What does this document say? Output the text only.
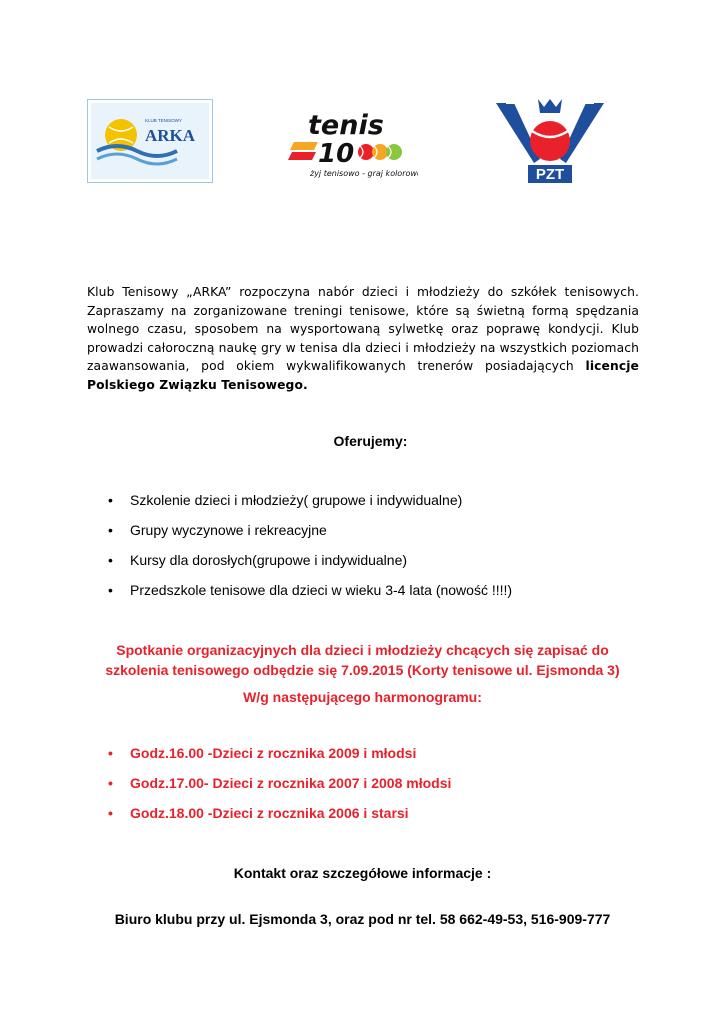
KLUB TENISOWY
ARKA	tenis
10
żyj tenisowo - graj kolorowo	PZT
Klub Tenisowy „ARKA” rozpoczyna nabór dzieci i młodzieży do szkółek tenisowych. Zapraszamy na zorganizowane treningi tenisowe, które są świetną formą spędzania wolnego czasu, sposobem na wysportowaną sylwetkę oraz poprawę kondycji. Klub prowadzi całoroczną naukę gry w tenisa dla dzieci i młodzieży na wszystkich poziomach zaawansowania, pod okiem wykwalifikowanych trenerów posiadających licencje Polskiego Związku Tenisowego.
Oferujemy:
• Szkolenie dzieci i młodzieży( grupowe i indywidualne)
• Grupy wyczynowe i rekreacyjne
• Kursy dla dorosłych(grupowe i indywidualne)
• Przedszkole tenisowe dla dzieci w wieku 3-4 lata (nowość !!!!)
Spotkanie organizacyjnych dla dzieci i młodzieży chcących się zapisać do
szkolenia tenisowego odbędzie się 7.09.2015 (Korty tenisowe ul. Ejsmonda 3)
W/g następującego harmonogramu:
• Godz.16.00 -Dzieci z rocznika 2009 i młodsi
• Godz.17.00- Dzieci z rocznika 2007 i 2008 młodsi
• Godz.18.00 -Dzieci z rocznika 2006 i starsi
Kontakt oraz szczegółowe informacje :
Biuro klubu przy ul. Ejsmonda 3, oraz pod nr tel. 58 662-49-53, 516-909-777
